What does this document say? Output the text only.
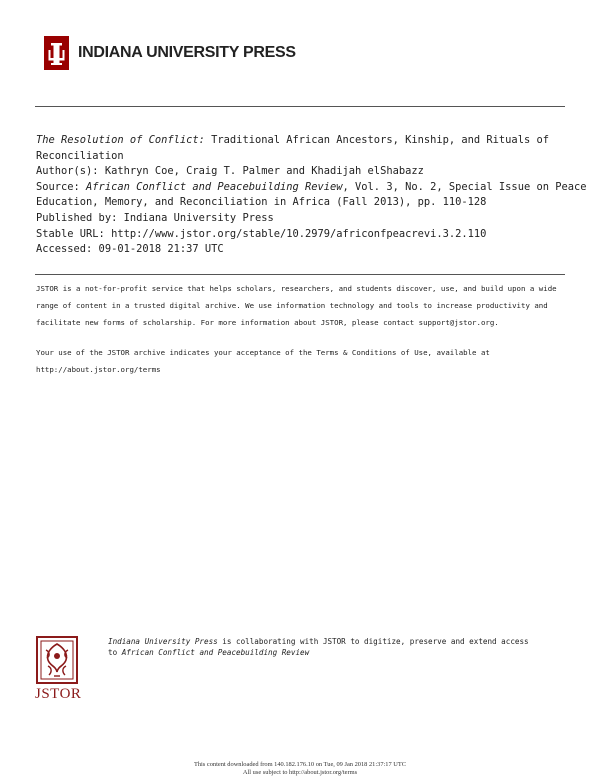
INDIANA UNIVERSITY PRESS
The Resolution of Conflict: Traditional African Ancestors, Kinship, and Rituals of
Reconciliation
Author(s): Kathryn Coe, Craig T. Palmer and Khadijah elShabazz
Source: African Conflict and Peacebuilding Review, Vol. 3, No. 2, Special Issue on Peace
Education, Memory, and Reconciliation in Africa (Fall 2013), pp. 110-128
Published by: Indiana University Press
Stable URL: http://www.jstor.org/stable/10.2979/africonfpeacrevi.3.2.110
Accessed: 09-01-2018 21:37 UTC
JSTOR is a not-for-profit service that helps scholars, researchers, and students discover, use, and build upon a wide
range of content in a trusted digital archive. We use information technology and tools to increase productivity and
facilitate new forms of scholarship. For more information about JSTOR, please contact support@jstor.org.
Your use of the JSTOR archive indicates your acceptance of the Terms & Conditions of Use, available at
http://about.jstor.org/terms
JSTOR
Indiana University Press is collaborating with JSTOR to digitize, preserve and extend access
to African Conflict and Peacebuilding Review
This content downloaded from 140.182.176.10 on Tue, 09 Jan 2018 21:37:17 UTC
All use subject to http://about.jstor.org/terms
